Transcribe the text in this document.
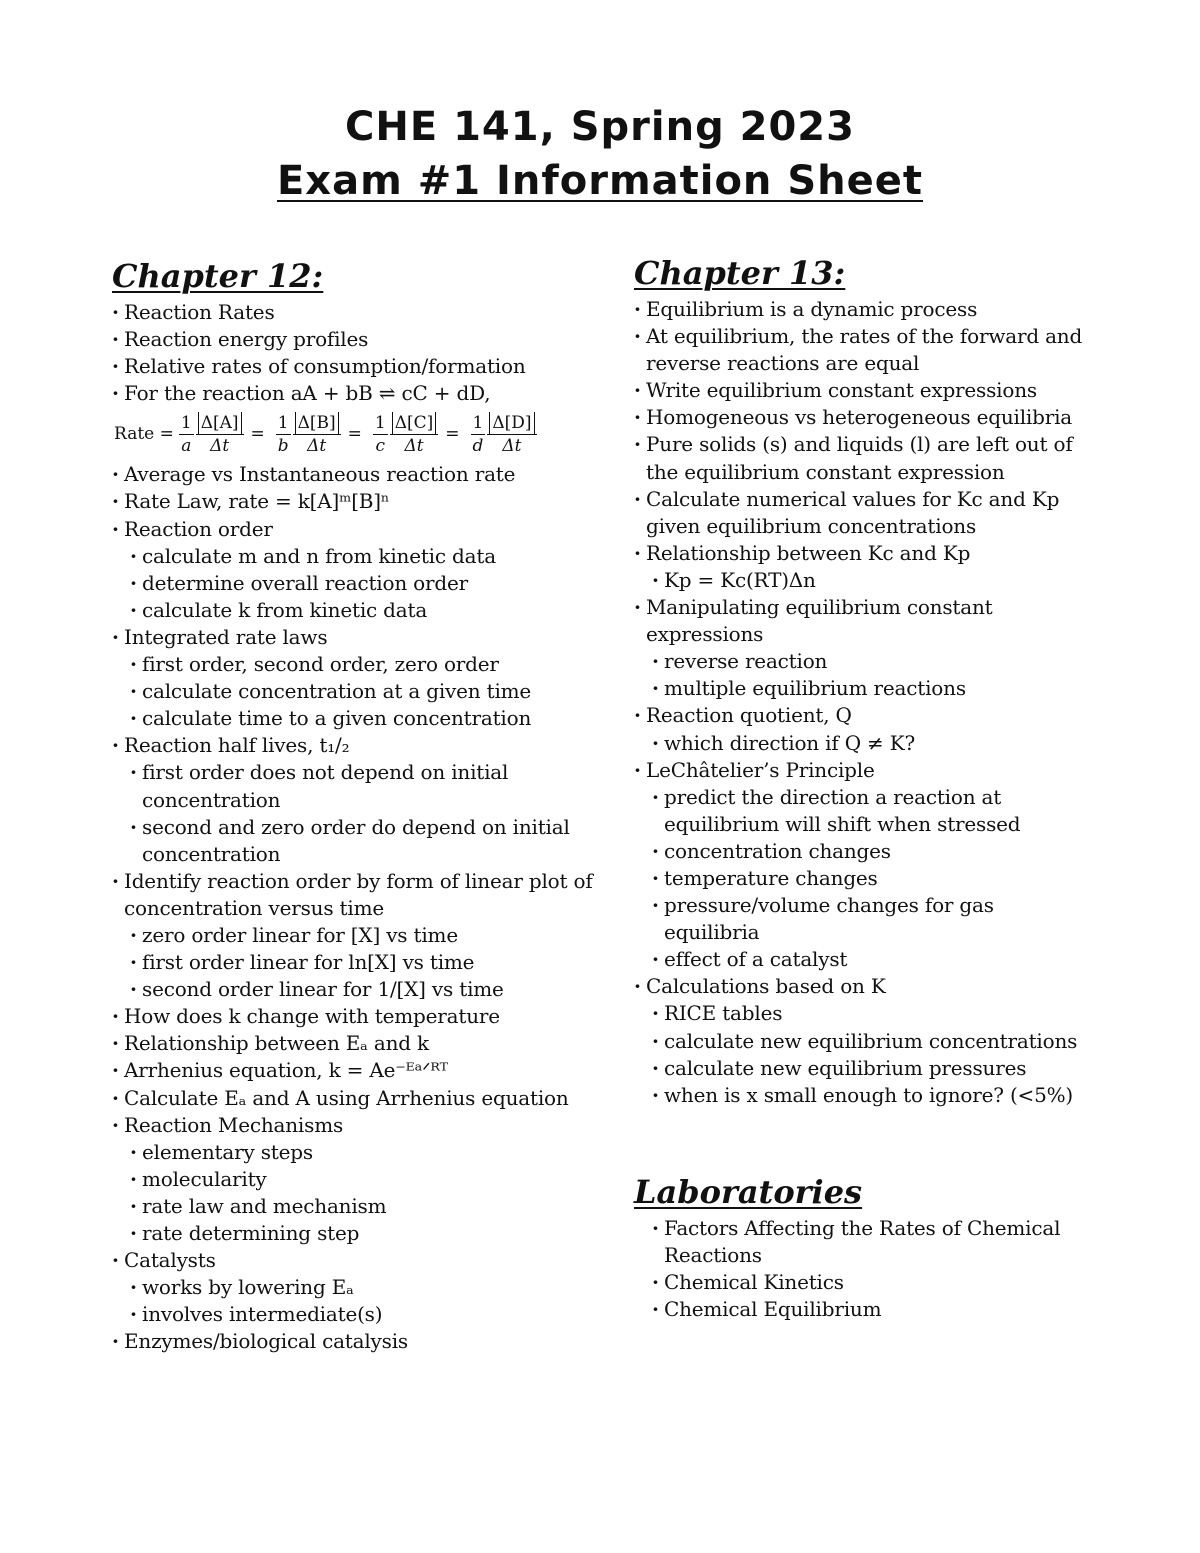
CHE 141, Spring 2023
Exam #1 Information Sheet
Chapter 12:
· Reaction Rates
· Reaction energy profiles
· Relative rates of consumption/formation
· For the reaction aA + bB ⇌ cC + dD,
Rate = $\frac{1}{a} \frac{\Delta[A]}{\Delta t} = \frac{1}{b} \frac{\Delta[B]}{\Delta t} = \frac{1}{c} \frac{\Delta[C]}{\Delta t} = \frac{1}{d} \frac{\Delta[D]}{\Delta t}$
· Average vs Instantaneous reaction rate
· Rate Law, rate = k[A]ᵐ[B]ⁿ
· Reaction order
· calculate m and n from kinetic data
· determine overall reaction order
· calculate k from kinetic data
· Integrated rate laws
· first order, second order, zero order
· calculate concentration at a given time
· calculate time to a given concentration
· Reaction half lives, t₁/₂
· first order does not depend on initial concentration
· second and zero order do depend on initial concentration
· Identify reaction order by form of linear plot of concentration versus time
· zero order linear for [X] vs time
· first order linear for ln[X] vs time
· second order linear for 1/[X] vs time
· How does k change with temperature
· Relationship between Eₐ and k
· Arrhenius equation, k = Ae⁻ᴱᵃᐟᴿᵀ
· Calculate Eₐ and A using Arrhenius equation
· Reaction Mechanisms
· elementary steps
· molecularity
· rate law and mechanism
· rate determining step
· Catalysts
· works by lowering Eₐ
· involves intermediate(s)
· Enzymes/biological catalysis
Chapter 13:
· Equilibrium is a dynamic process
· At equilibrium, the rates of the forward and reverse reactions are equal
· Write equilibrium constant expressions
· Homogeneous vs heterogeneous equilibria
· Pure solids (s) and liquids (l) are left out of the equilibrium constant expression
· Calculate numerical values for Kc and Kp given equilibrium concentrations
· Relationship between Kc and Kp
· Kp = Kc(RT)Δn
· Manipulating equilibrium constant expressions
· reverse reaction
· multiple equilibrium reactions
· Reaction quotient, Q
· which direction if Q ≠ K?
· LeChâtelier’s Principle
· predict the direction a reaction at equilibrium will shift when stressed
· concentration changes
· temperature changes
· pressure/volume changes for gas equilibria
· effect of a catalyst
· Calculations based on K
· RICE tables
· calculate new equilibrium concentrations
· calculate new equilibrium pressures
· when is x small enough to ignore? (<5%)
Laboratories
· Factors Affecting the Rates of Chemical Reactions
· Chemical Kinetics
· Chemical Equilibrium
